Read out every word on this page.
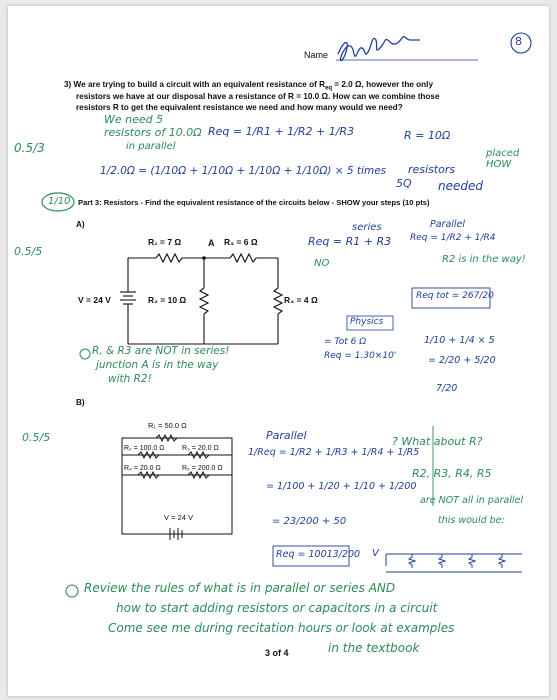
Name
8
3) We are trying to build a circuit with an equivalent resistance of $R_{eq} = 2.0$ Ω, however the only
resistors we have at our disposal have a resistance of R = 10.0 Ω. How can we combine those
resistors R to get the equivalent resistance we need and how many would we need?
0.5/3
We need 5
resistors of 10.0Ω
in parallel
Req = 1/R1 + 1/R2 + 1/R3
1/2.0Ω = (1/10Ω + 1/10Ω + 1/10Ω + 1/10Ω) × 5 times
R = 10Ω
resistors
5Q needed
placed HOW
1/10 Part 3: Resistors - Find the equivalent resistance of the circuits below - SHOW your steps (10 pts)
A)
0.5/5
R₁ = 7 Ω	A R₃ = 6 Ω
R₂ = 10 Ω	R₄ = 4 Ω
V = 24 V
series
Req = R1 + R3
NO
Parallel
Req = 1/R2 + 1/R4
R2 is in the way!
Req tot = 267/20
Physics
= Tot 6 Ω
Req = 1.30×10'
R, & R3 are NOT in series!
junction A is in the way
with R2!
1/10 + 1/4 × 5
= 2/20 + 5/20
7/20
B)
0.5/5
R₁ = 50.0 Ω
R₂ = 100.0 Ω	R₃ = 20.0 Ω
R₄ = 20.0 Ω	R₅ = 200.0 Ω
V = 24 V
Parallel
1/Req = 1/R2 + 1/R3 + 1/R4 + 1/R5
= 1/100 + 1/20 + 1/10 + 1/200
= 23/200 + 50
Req = 10013/200
? What about R?
R2, R3, R4, R5
are NOT all in parallel
this would be:
V
Review the rules of what is in parallel or series AND
how to start adding resistors or capacitors in a circuit
Come see me during recitation hours or look at examples
in the textbook
3 of 4
